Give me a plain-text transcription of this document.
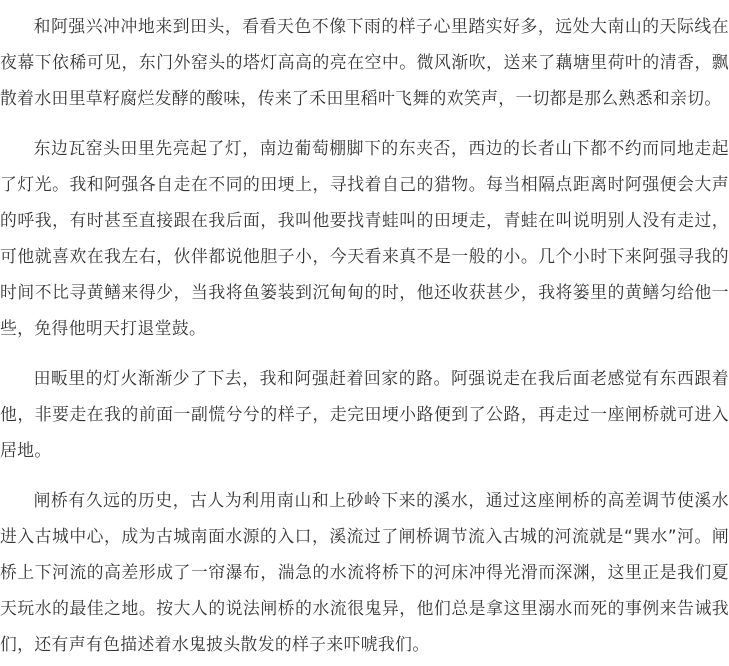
和阿强兴冲冲地来到田头，看看天色不像下雨的样子心里踏实好多，远处大南山的天际线在夜幕下依稀可见，东门外窑头的塔灯高高的亮在空中。微风渐吹，送来了藕塘里荷叶的清香，飘散着水田里草籽腐烂发酵的酸味，传来了禾田里稻叶飞舞的欢笑声，一切都是那么熟悉和亲切。

东边瓦窑头田里先亮起了灯，南边葡萄棚脚下的东夹否，西边的长者山下都不约而同地走起了灯光。我和阿强各自走在不同的田埂上，寻找着自己的猎物。每当相隔点距离时阿强便会大声的呼我，有时甚至直接跟在我后面，我叫他要找青蛙叫的田埂走，青蛙在叫说明别人没有走过，可他就喜欢在我左右，伙伴都说他胆子小，今天看来真不是一般的小。几个小时下来阿强寻我的时间不比寻黄鳝来得少，当我将鱼篓装到沉甸甸的时，他还收获甚少，我将篓里的黄鳝匀给他一些，免得他明天打退堂鼓。

田畈里的灯火渐渐少了下去，我和阿强赶着回家的路。阿强说走在我后面老感觉有东西跟着他，非要走在我的前面一副慌兮兮的样子，走完田埂小路便到了公路，再走过一座闸桥就可进入居地。

闸桥有久远的历史，古人为利用南山和上砂岭下来的溪水，通过这座闸桥的高差调节使溪水进入古城中心，成为古城南面水源的入口，溪流过了闸桥调节流入古城的河流就是“巽水”河。闸桥上下河流的高差形成了一帘瀑布，湍急的水流将桥下的河床冲得光滑而深渊，这里正是我们夏天玩水的最佳之地。按大人的说法闸桥的水流很鬼异，他们总是拿这里溺水而死的事例来告诫我们，还有声有色描述着水鬼披头散发的样子来吓唬我们。
